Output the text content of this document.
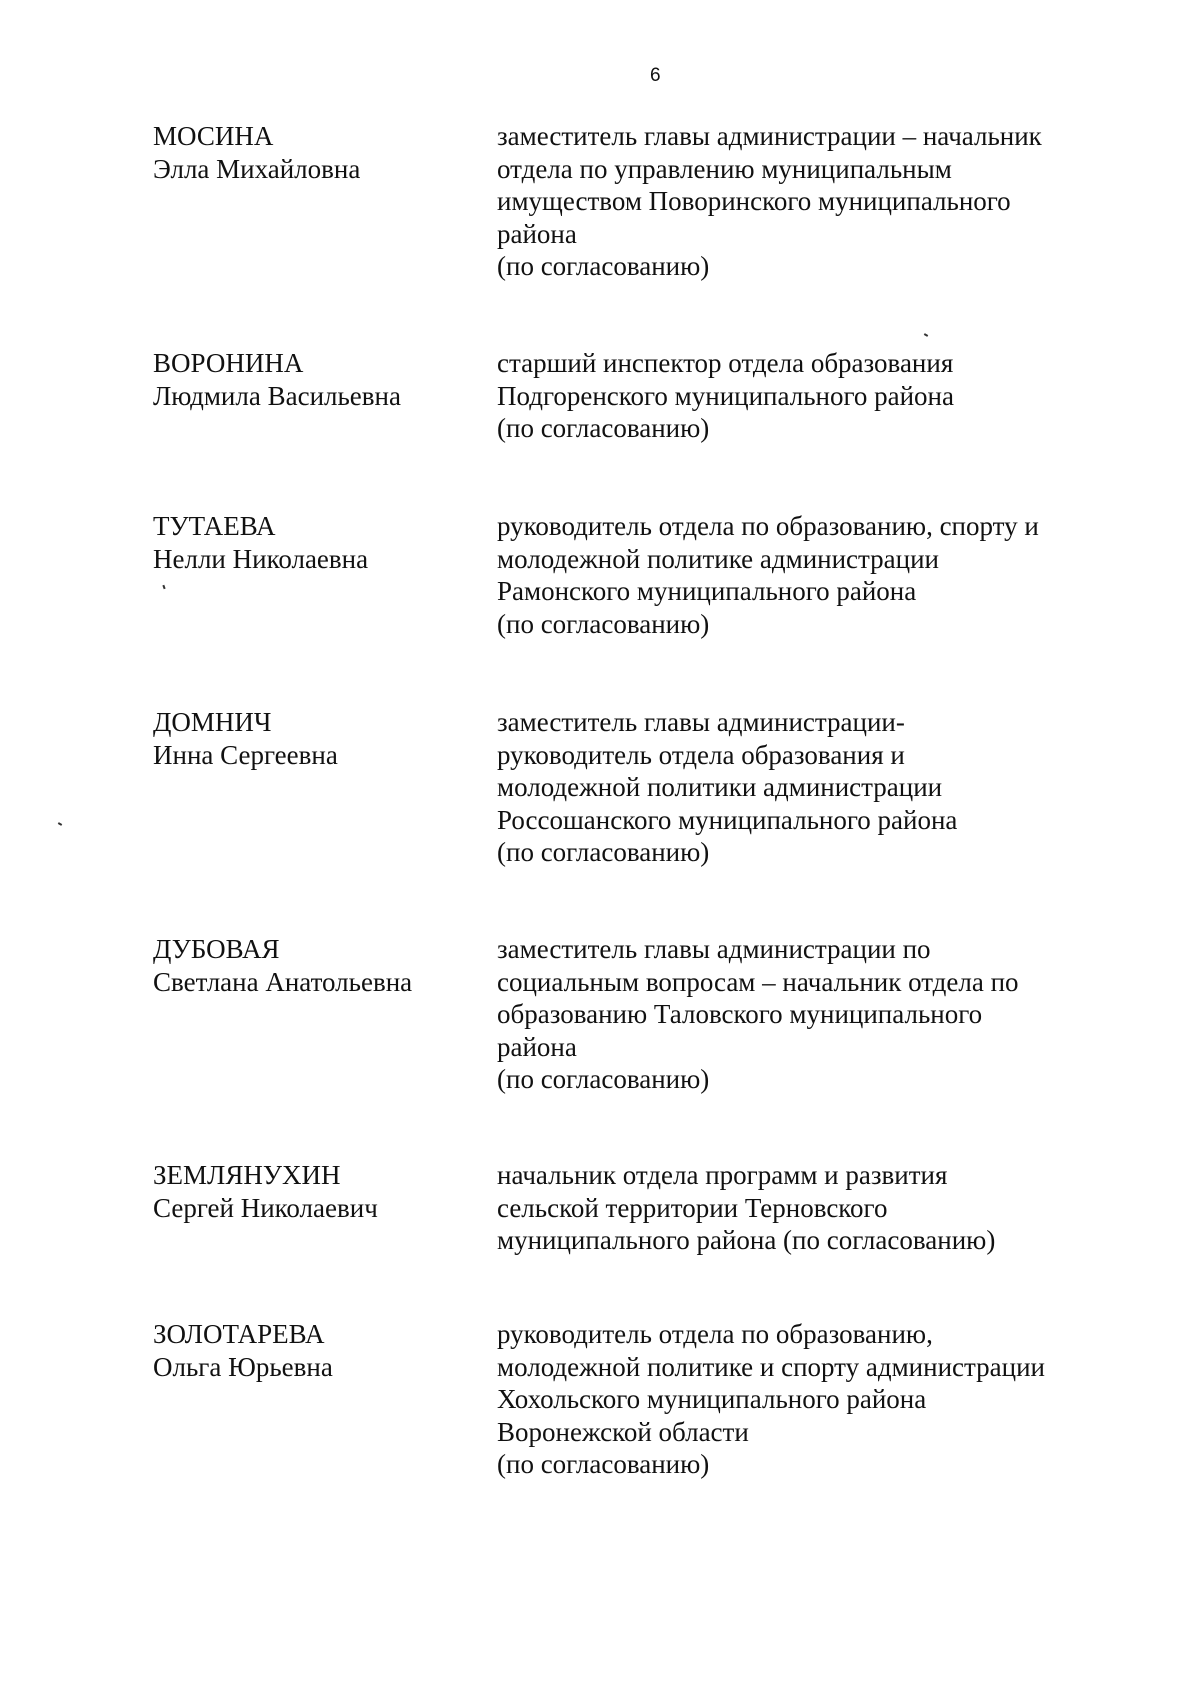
6
МОСИНА
Элла Михайловна
заместитель главы администрации – начальник
отдела по управлению муниципальным
имуществом Поворинского муниципального
района
(по согласованию)
ВОРОНИНА
Людмила Васильевна
старший инспектор отдела образования
Подгоренского муниципального района
(по согласованию)
ТУТАЕВА
Нелли Николаевна
руководитель отдела по образованию, спорту и
молодежной политике администрации
Рамонского муниципального района
(по согласованию)
ДОМНИЧ
Инна Сергеевна
заместитель главы администрации-
руководитель отдела образования и
молодежной политики администрации
Россошанского муниципального района
(по согласованию)
ДУБОВАЯ
Светлана Анатольевна
заместитель главы администрации по
социальным вопросам – начальник отдела по
образованию Таловского муниципального
района
(по согласованию)
ЗЕМЛЯНУХИН
Сергей Николаевич
начальник отдела программ и развития
сельской территории Терновского
муниципального района (по согласованию)
ЗОЛОТАРЕВА
Ольга Юрьевна
руководитель отдела по образованию,
молодежной политике и спорту администрации
Хохольского муниципального района
Воронежской области
(по согласованию)
